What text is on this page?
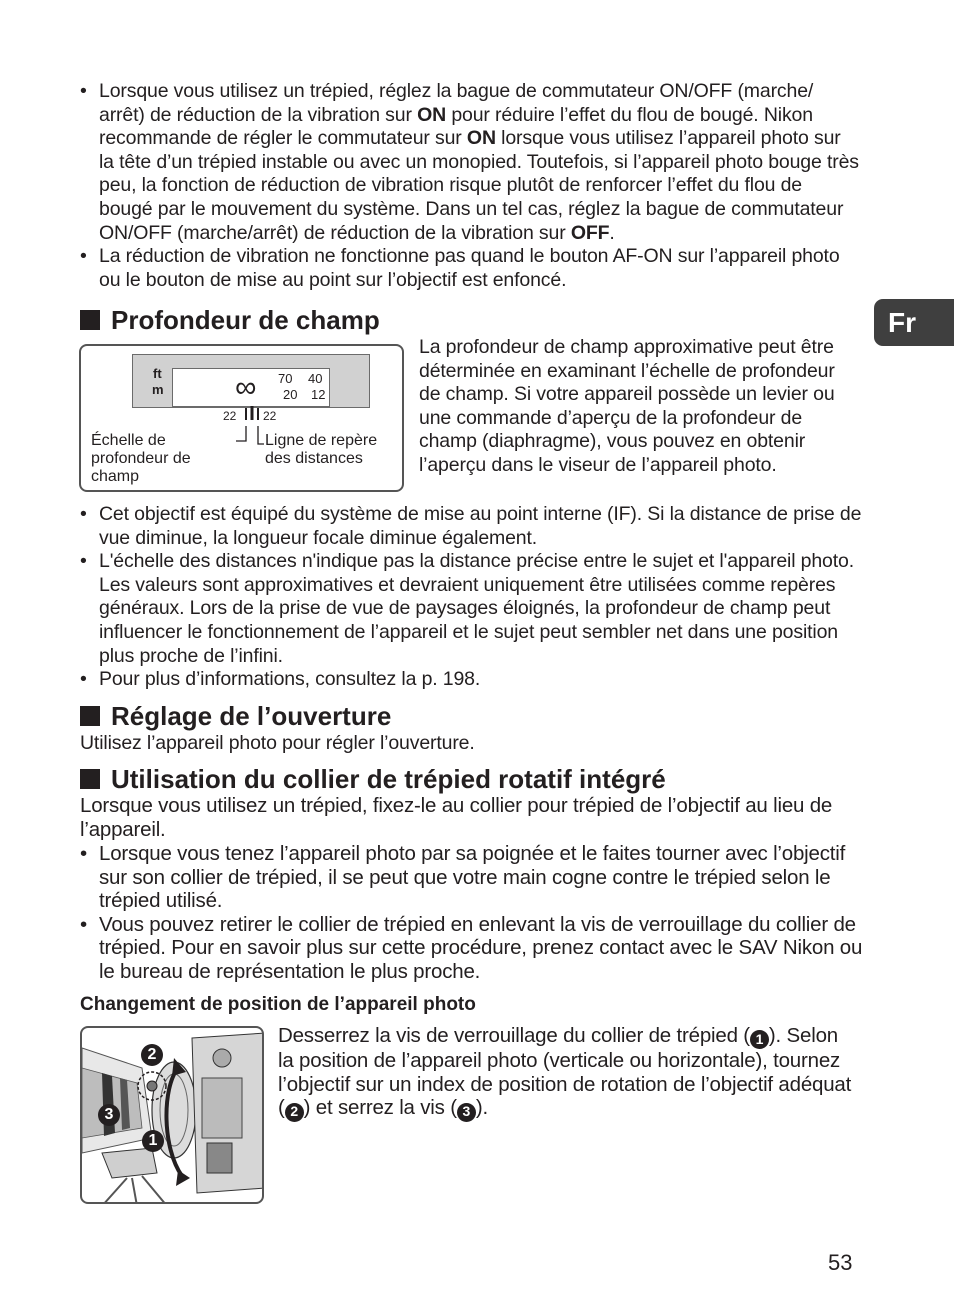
• Lorsque vous utilisez un trépied, réglez la bague de commutateur ON/OFF (marche/ arrêt) de réduction de la vibration sur ON pour réduire l’effet du flou de bougé. Nikon recommande de régler le commutateur sur ON lorsque vous utilisez l’appareil photo sur la tête d’un trépied instable ou avec un monopied. Toutefois, si l’appareil photo bouge très peu, la fonction de réduction de vibration risque plutôt de renforcer l’effet du flou de bougé par le mouvement du système. Dans un tel cas, réglez la bague de commutateur ON/OFF (marche/arrêt) de réduction de la vibration sur OFF.
• La réduction de vibration ne fonctionne pas quand le bouton AF-ON sur l’appareil photo ou le bouton de mise au point sur l’objectif est enfoncé.
Fr
Profondeur de champ
ft
m ∞ 70 40
20 12
22 22
Échelle de profondeur de champ
Ligne de repère des distances
La profondeur de champ approximative peut être déterminée en examinant l’échelle de profondeur de champ. Si votre appareil possède un levier ou une commande d’aperçu de la profondeur de champ (diaphragme), vous pouvez en obtenir l’aperçu dans le viseur de l’appareil photo.
• Cet objectif est équipé du système de mise au point interne (IF). Si la distance de prise de vue diminue, la longueur focale diminue également.
• L'échelle des distances n'indique pas la distance précise entre le sujet et l'appareil photo. Les valeurs sont approximatives et devraient uniquement être utilisées comme repères généraux. Lors de la prise de vue de paysages éloignés, la profondeur de champ peut influencer le fonctionnement de l’appareil et le sujet peut sembler net dans une position plus proche de l’infini.
• Pour plus d’informations, consultez la p. 198.
Réglage de l’ouverture
Utilisez l’appareil photo pour régler l’ouverture.
Utilisation du collier de trépied rotatif intégré
Lorsque vous utilisez un trépied, fixez-le au collier pour trépied de l’objectif au lieu de l’appareil.
• Lorsque vous tenez l’appareil photo par sa poignée et le faites tourner avec l’objectif sur son collier de trépied, il se peut que votre main cogne contre le trépied selon le trépied utilisé.
• Vous pouvez retirer le collier de trépied en enlevant la vis de verrouillage du collier de trépied. Pour en savoir plus sur cette procédure, prenez contact avec le SAV Nikon ou le bureau de représentation le plus proche.
Changement de position de l’appareil photo
2
3
1
Desserrez la vis de verrouillage du collier de trépied ( 1 ). Selon la position de l’appareil photo (verticale ou horizontale), tournez l’objectif sur un index de position de rotation de l’objectif adéquat ( 2 ) et serrez la vis ( 3 ).
53
